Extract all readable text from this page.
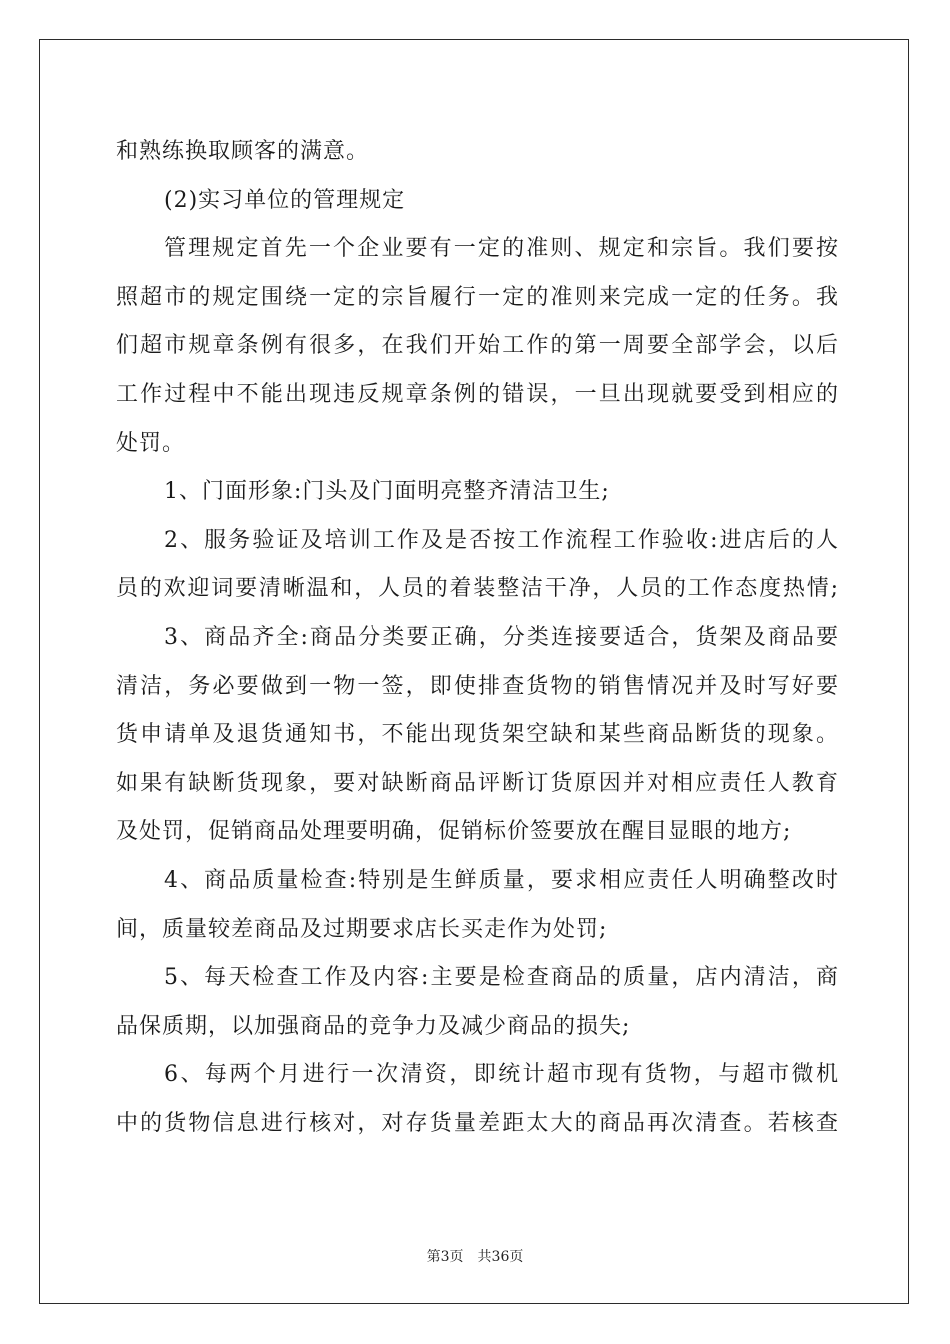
和熟练换取顾客的满意。
(2)实习单位的管理规定
管理规定首先一个企业要有一定的准则、规定和宗旨。我们要按
照超市的规定围绕一定的宗旨履行一定的准则来完成一定的任务。我
们超市规章条例有很多，在我们开始工作的第一周要全部学会，以后
工作过程中不能出现违反规章条例的错误，一旦出现就要受到相应的
处罚。
1、门面形象:门头及门面明亮整齐清洁卫生;
2、服务验证及培训工作及是否按工作流程工作验收:进店后的人
员的欢迎词要清晰温和，人员的着装整洁干净，人员的工作态度热情;
3、商品齐全:商品分类要正确，分类连接要适合，货架及商品要
清洁，务必要做到一物一签，即使排查货物的销售情况并及时写好要
货申请单及退货通知书，不能出现货架空缺和某些商品断货的现象。
如果有缺断货现象，要对缺断商品评断订货原因并对相应责任人教育
及处罚，促销商品处理要明确，促销标价签要放在醒目显眼的地方;
4、商品质量检查:特别是生鲜质量，要求相应责任人明确整改时
间，质量较差商品及过期要求店长买走作为处罚;
5、每天检查工作及内容:主要是检查商品的质量，店内清洁，商
品保质期，以加强商品的竞争力及减少商品的损失;
6、每两个月进行一次清资，即统计超市现有货物，与超市微机
中的货物信息进行核对，对存货量差距太大的商品再次清查。若核查
第3页 共36页
